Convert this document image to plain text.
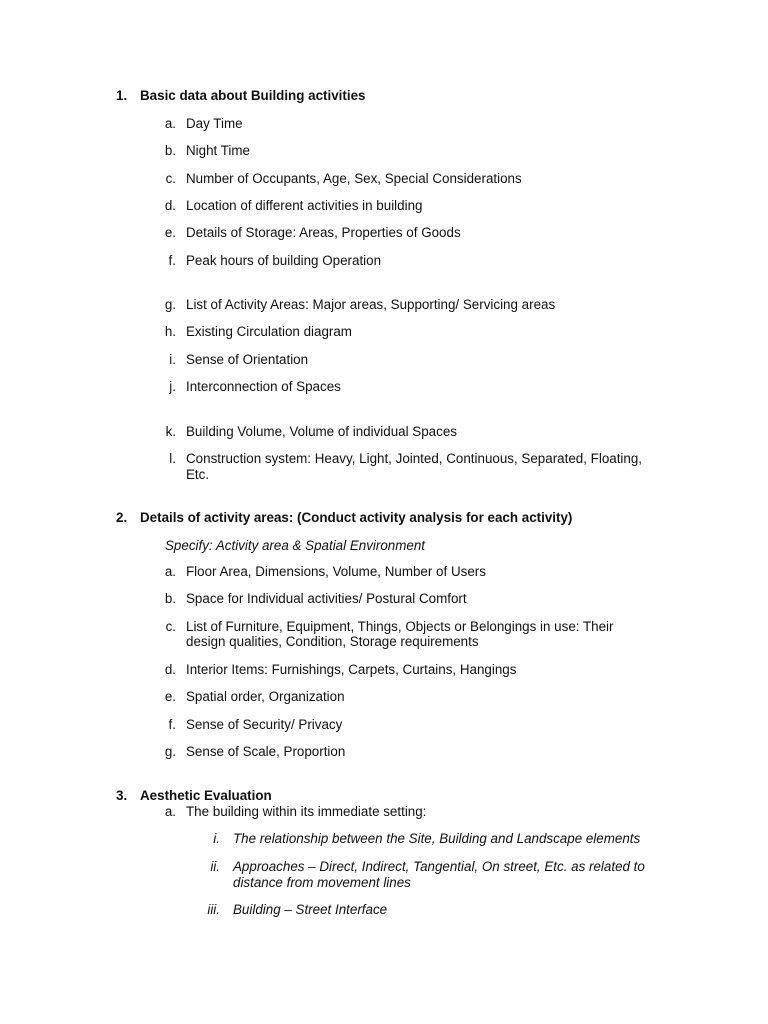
1. Basic data about Building activities
a. Day Time
b. Night Time
c. Number of Occupants, Age, Sex, Special Considerations
d. Location of different activities in building
e. Details of Storage: Areas, Properties of Goods
f. Peak hours of building Operation
g. List of Activity Areas: Major areas, Supporting/ Servicing areas
h. Existing Circulation diagram
i. Sense of Orientation
j. Interconnection of Spaces
k. Building Volume, Volume of individual Spaces
l. Construction system: Heavy, Light, Jointed, Continuous, Separated, Floating,
Etc.
2. Details of activity areas: (Conduct activity analysis for each activity)
Specify: Activity area & Spatial Environment
a. Floor Area, Dimensions, Volume, Number of Users
b. Space for Individual activities/ Postural Comfort
c. List of Furniture, Equipment, Things, Objects or Belongings in use: Their
design qualities, Condition, Storage requirements
d. Interior Items: Furnishings, Carpets, Curtains, Hangings
e. Spatial order, Organization
f. Sense of Security/ Privacy
g. Sense of Scale, Proportion
3. Aesthetic Evaluation
a. The building within its immediate setting:
i. The relationship between the Site, Building and Landscape elements
ii. Approaches – Direct, Indirect, Tangential, On street, Etc. as related to
distance from movement lines
iii. Building – Street Interface
